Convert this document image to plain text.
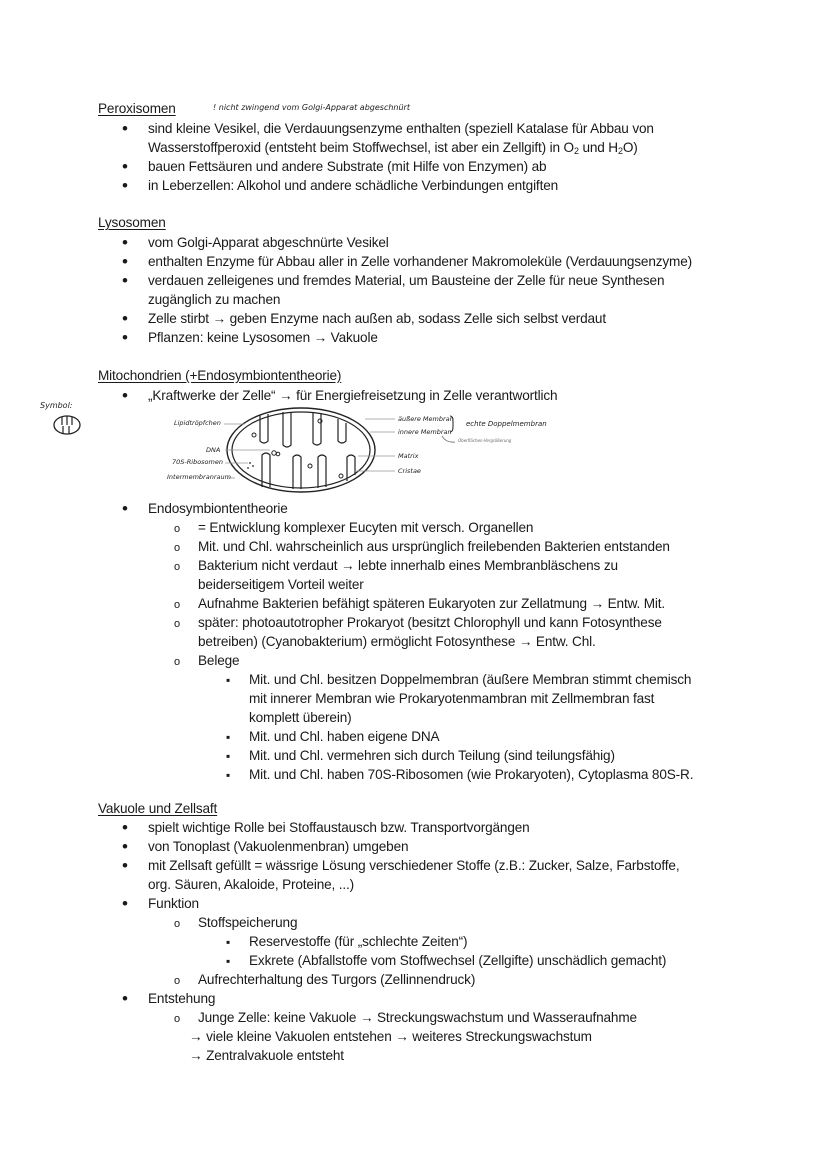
Peroxisomen	! nicht zwingend vom Golgi-Apparat abgeschnürt
•
sind kleine Vesikel, die Verdauungsenzyme enthalten (speziell Katalase für Abbau von
Wasserstoffperoxid (entsteht beim Stoffwechsel, ist aber ein Zellgift) in $O_2$ und $H_2O$)
•
bauen Fettsäuren und andere Substrate (mit Hilfe von Enzymen) ab
•
in Leberzellen: Alkohol und andere schädliche Verbindungen entgiften
Lysosomen
•
vom Golgi-Apparat abgeschnürte Vesikel
•
enthalten Enzyme für Abbau aller in Zelle vorhandener Makromoleküle (Verdauungsenzyme)
•
verdauen zelleigenes und fremdes Material, um Bausteine der Zelle für neue Synthesen
zugänglich zu machen
•
Zelle stirbt → geben Enzyme nach außen ab, sodass Zelle sich selbst verdaut
•
Pflanzen: keine Lysosomen → Vakuole
Mitochondrien (+Endosymbiontentheorie)
Symbol:
•
„Kraftwerke der Zelle“ → für Energiefreisetzung in Zelle verantwortlich
Lipidtröpfchen
DNA
70S-Ribosomen
Intermembranraum
äußere Membran
innere Membran
Matrix
Cristae
echte Doppelmembran
Oberflächen-Vergrößerung
•
Endosymbiontentheorie
o
= Entwicklung komplexer Eucyten mit versch. Organellen
o
Mit. und Chl. wahrscheinlich aus ursprünglich freilebenden Bakterien entstanden
o
Bakterium nicht verdaut → lebte innerhalb eines Membranbläschens zu
beiderseitigem Vorteil weiter
o
Aufnahme Bakterien befähigt späteren Eukaryoten zur Zellatmung → Entw. Mit.
o
später: photoautotropher Prokaryot (besitzt Chlorophyll und kann Fotosynthese
betreiben) (Cyanobakterium) ermöglicht Fotosynthese → Entw. Chl.
o
Belege
▪
Mit. und Chl. besitzen Doppelmembran (äußere Membran stimmt chemisch
mit innerer Membran wie Prokaryotenmambran mit Zellmembran fast
komplett überein)
▪
Mit. und Chl. haben eigene DNA
▪
Mit. und Chl. vermehren sich durch Teilung (sind teilungsfähig)
▪
Mit. und Chl. haben 70S-Ribosomen (wie Prokaryoten), Cytoplasma 80S-R.
Vakuole und Zellsaft
•
spielt wichtige Rolle bei Stoffaustausch bzw. Transportvorgängen
•
von Tonoplast (Vakuolenmenbran) umgeben
•
mit Zellsaft gefüllt = wässrige Lösung verschiedener Stoffe (z.B.: Zucker, Salze, Farbstoffe,
org. Säuren, Akaloide, Proteine, ...)
•
Funktion
o
Stoffspeicherung
▪
Reservestoffe (für „schlechte Zeiten“)
▪
Exkrete (Abfallstoffe vom Stoffwechsel (Zellgifte) unschädlich gemacht)
o
Aufrechterhaltung des Turgors (Zellinnendruck)
•
Entstehung
o
Junge Zelle: keine Vakuole → Streckungswachstum und Wasseraufnahme
→ viele kleine Vakuolen entstehen → weiteres Streckungswachstum
→ Zentralvakuole entsteht
